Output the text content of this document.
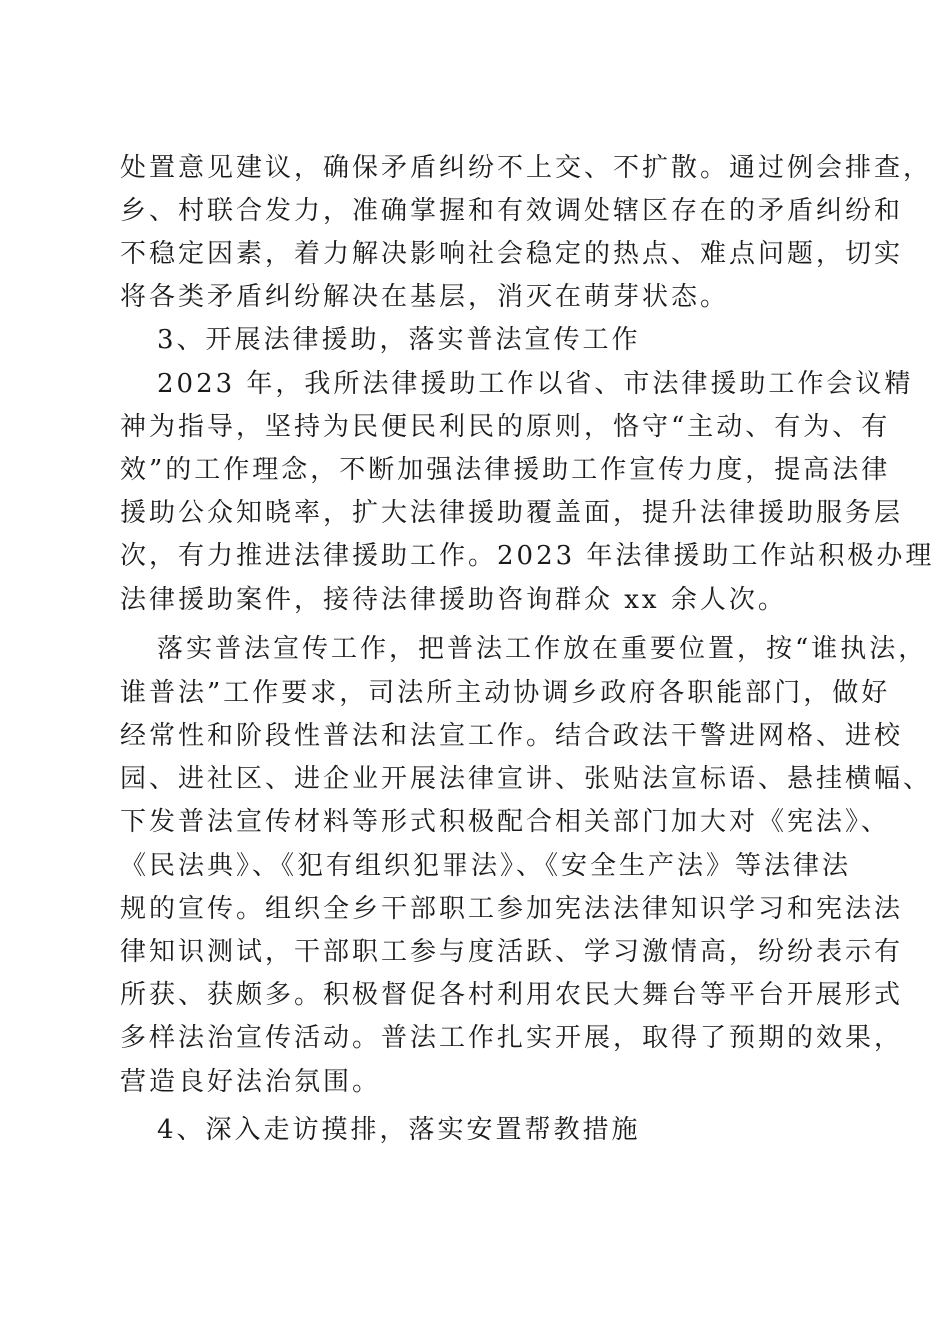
处置意见建议，确保矛盾纠纷不上交、不扩散。通过例会排查，
乡、村联合发力，准确掌握和有效调处辖区存在的矛盾纠纷和
不稳定因素，着力解决影响社会稳定的热点、难点问题，切实
将各类矛盾纠纷解决在基层，消灭在萌芽状态。
3、开展法律援助，落实普法宣传工作
2023 年，我所法律援助工作以省、市法律援助工作会议精
神为指导，坚持为民便民利民的原则，恪守“主动、有为、有
效”的工作理念，不断加强法律援助工作宣传力度，提高法律
援助公众知晓率，扩大法律援助覆盖面，提升法律援助服务层
次，有力推进法律援助工作。2023 年法律援助工作站积极办理
法律援助案件，接待法律援助咨询群众 xx 余人次。
落实普法宣传工作，把普法工作放在重要位置，按“谁执法，
谁普法”工作要求，司法所主动协调乡政府各职能部门，做好
经常性和阶段性普法和法宣工作。结合政法干警进网格、进校
园、进社区、进企业开展法律宣讲、张贴法宣标语、悬挂横幅、
下发普法宣传材料等形式积极配合相关部门加大对《宪法》、
《民法典》、《犯有组织犯罪法》、《安全生产法》等法律法
规的宣传。组织全乡干部职工参加宪法法律知识学习和宪法法
律知识测试，干部职工参与度活跃、学习激情高，纷纷表示有
所获、获颇多。积极督促各村利用农民大舞台等平台开展形式
多样法治宣传活动。普法工作扎实开展，取得了预期的效果，
营造良好法治氛围。
4、深入走访摸排，落实安置帮教措施
